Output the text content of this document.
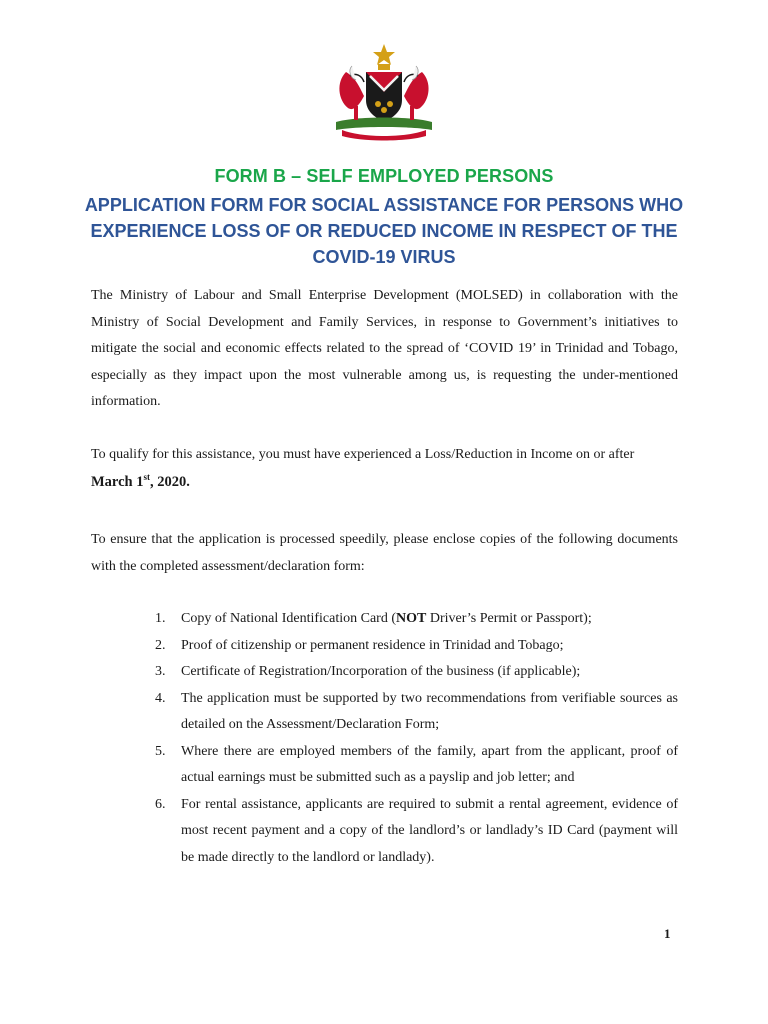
FORM B – SELF EMPLOYED PERSONS
APPLICATION FORM FOR SOCIAL ASSISTANCE FOR PERSONS WHO EXPERIENCE LOSS OF OR REDUCED INCOME IN RESPECT OF THE COVID-19 VIRUS
The Ministry of Labour and Small Enterprise Development (MOLSED) in collaboration with the Ministry of Social Development and Family Services, in response to Government’s initiatives to mitigate the social and economic effects related to the spread of ‘COVID 19’ in Trinidad and Tobago, especially as they impact upon the most vulnerable among us, is requesting the under-mentioned information.
To qualify for this assistance, you must have experienced a Loss/Reduction in Income on or after
March 1st, 2020.
To ensure that the application is processed speedily, please enclose copies of the following documents with the completed assessment/declaration form:
1. Copy of National Identification Card (NOT Driver’s Permit or Passport);
2. Proof of citizenship or permanent residence in Trinidad and Tobago;
3. Certificate of Registration/Incorporation of the business (if applicable);
4. The application must be supported by two recommendations from verifiable sources as detailed on the Assessment/Declaration Form;
5. Where there are employed members of the family, apart from the applicant, proof of actual earnings must be submitted such as a payslip and job letter; and
6. For rental assistance, applicants are required to submit a rental agreement, evidence of most recent payment and a copy of the landlord’s or landlady’s ID Card (payment will be made directly to the landlord or landlady).
1
